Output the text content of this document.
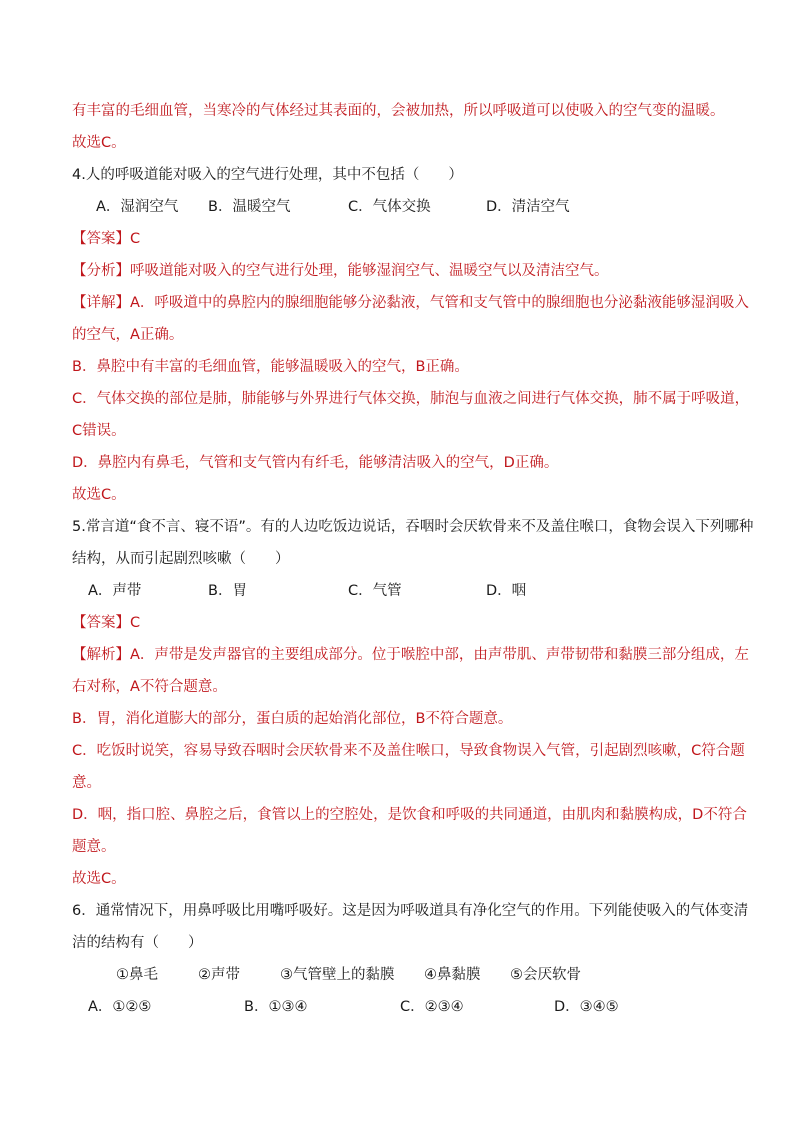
有丰富的毛细血管，当寒冷的气体经过其表面的，会被加热，所以呼吸道可以使吸入的空气变的温暖。
故选C。
4.人的呼吸道能对吸入的空气进行处理，其中不包括（　　）
A．湿润空气 B．温暖空气	C．气体交换	D．清洁空气
【答案】C
【分析】呼吸道能对吸入的空气进行处理，能够湿润空气、温暖空气以及清洁空气。
【详解】A．呼吸道中的鼻腔内的腺细胞能够分泌黏液，气管和支气管中的腺细胞也分泌黏液能够湿润吸入
的空气，A正确。
B．鼻腔中有丰富的毛细血管，能够温暖吸入的空气，B正确。
C．气体交换的部位是肺，肺能够与外界进行气体交换，肺泡与血液之间进行气体交换，肺不属于呼吸道，
C错误。
D．鼻腔内有鼻毛，气管和支气管内有纤毛，能够清洁吸入的空气，D正确。
故选C。
5.常言道“食不言、寝不语”。有的人边吃饭边说话，吞咽时会厌软骨来不及盖住喉口，食物会误入下列哪种
结构，从而引起剧烈咳嗽（　　）
A．声带	B．胃	C．气管	D．咽
【答案】C
【解析】A．声带是发声器官的主要组成部分。位于喉腔中部，由声带肌、声带韧带和黏膜三部分组成，左
右对称，A不符合题意。
B．胃，消化道膨大的部分，蛋白质的起始消化部位，B不符合题意。
C．吃饭时说笑，容易导致吞咽时会厌软骨来不及盖住喉口，导致食物误入气管，引起剧烈咳嗽，C符合题
意。
D．咽，指口腔、鼻腔之后，食管以上的空腔处，是饮食和呼吸的共同通道，由肌肉和黏膜构成，D不符合
题意。
故选C。
6．通常情况下，用鼻呼吸比用嘴呼吸好。这是因为呼吸道具有净化空气的作用。下列能使吸入的气体变清
洁的结构有（　　）
①鼻毛	②声带	③气管壁上的黏膜 ④鼻黏膜 ⑤会厌软骨
A．①②⑤	B．①③④	C．②③④	D．③④⑤
